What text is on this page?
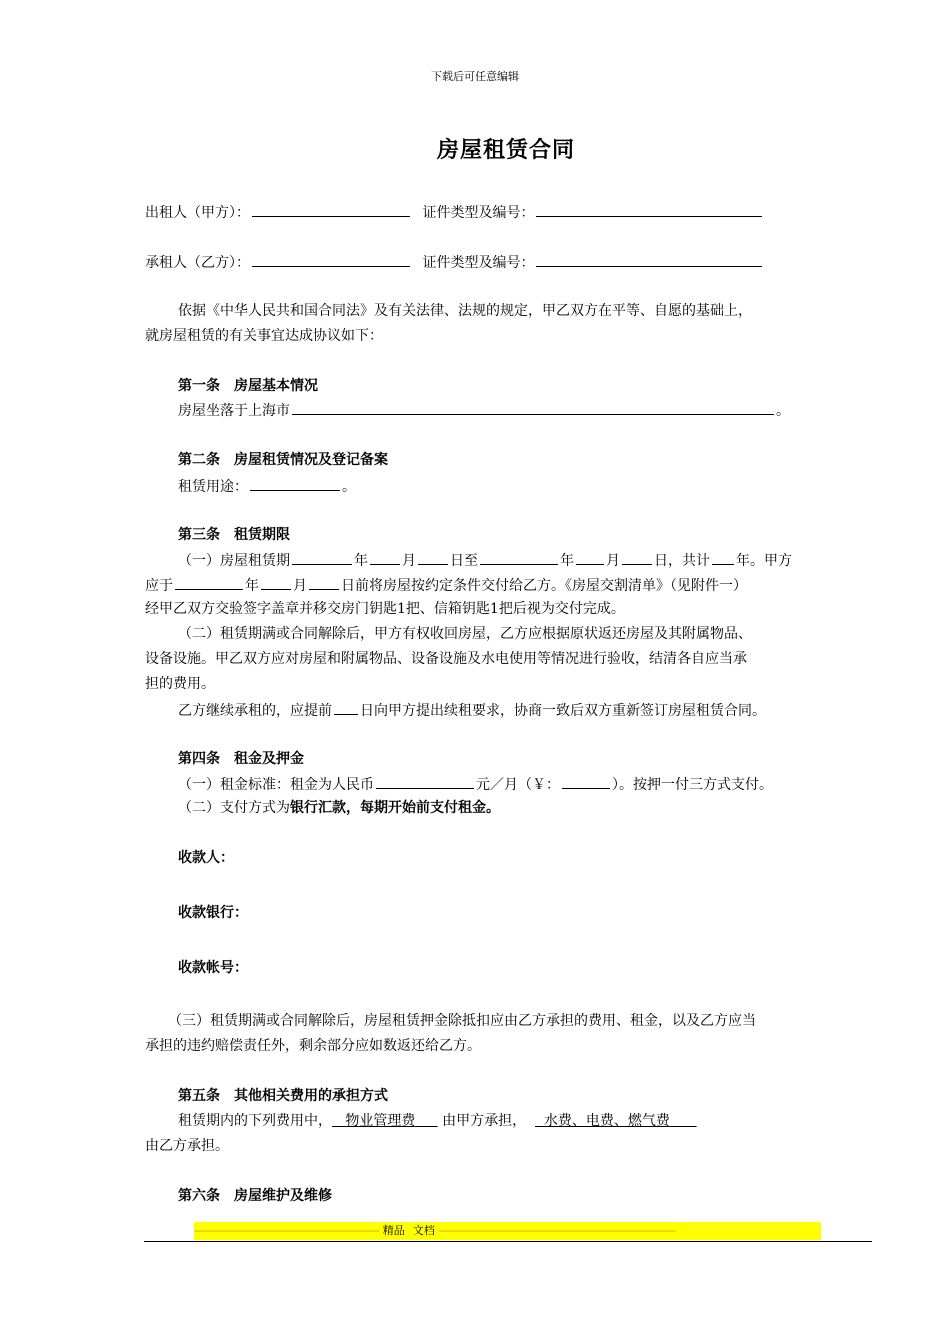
下载后可任意编辑
房屋租赁合同
出租人（甲方）：	证件类型及编号：
承租人（乙方）：	证件类型及编号：
依据《中华人民共和国合同法》及有关法律、法规的规定，甲乙双方在平等、自愿的基础上，
就房屋租赁的有关事宜达成协议如下：
第一条　房屋基本情况
房屋坐落于上海市	。
第二条　房屋租赁情况及登记备案
租赁用途：	。
第三条　租赁期限
（一）房屋租赁期	年 月 日至	年 月 日，共计 年。甲方
应于	年 月 日前将房屋按约定条件交付给乙方。《房屋交割清单》（见附件一）
经甲乙双方交验签字盖章并移交房门钥匙1把、信箱钥匙1把后视为交付完成。
（二）租赁期满或合同解除后，甲方有权收回房屋，乙方应根据原状返还房屋及其附属物品、
设备设施。甲乙双方应对房屋和附属物品、设备设施及水电使用等情况进行验收，结清各自应当承
担的费用。
乙方继续承租的，应提前 日向甲方提出续租要求，协商一致后双方重新签订房屋租赁合同。
第四条　租金及押金
（一）租金标准：租金为人民币	元／月（￥：	）。按押一付三方式支付。
（二）支付方式为银行汇款，每期开始前支付租金。
收款人：
收款银行：
收款帐号：
（三）租赁期满或合同解除后，房屋租赁押金除抵扣应由乙方承担的费用、租金，以及乙方应当
承担的违约赔偿责任外，剩余部分应如数返还给乙方。
第五条　其他相关费用的承担方式
租赁期内的下列费用中， 物业管理费 由甲方承担， 水费、电费、燃气费
由乙方承担。
第六条　房屋维护及维修
-------------------------------------------------------------------- 精品 文档 ---------------------------------------------------------------------------------------
